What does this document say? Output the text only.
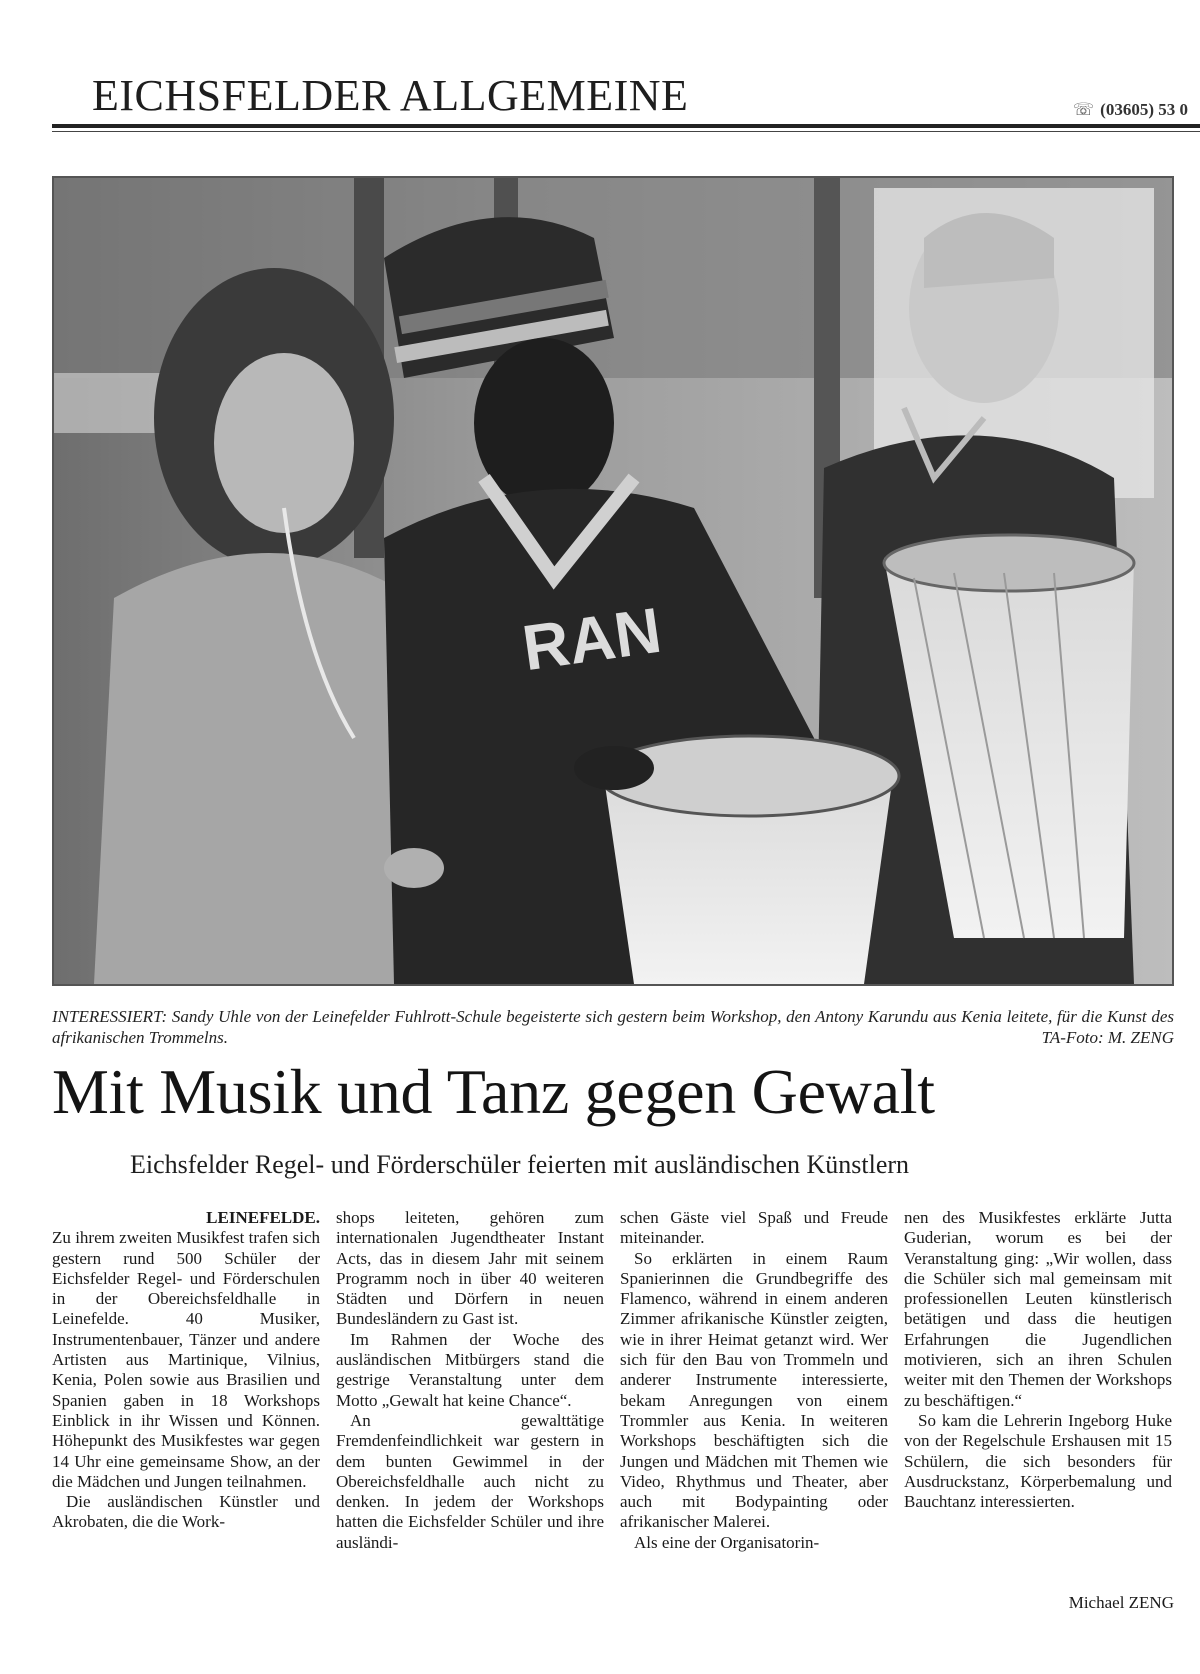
EICHSFELDER ALLGEMEINE	☏ (03605) 53 0
RAN
INTERESSIERT: Sandy Uhle von der Leinefelder Fuhlrott-Schule begeisterte sich gestern beim Workshop, den Antony Karundu aus Kenia leitete, für die Kunst des afrikanischen Trommelns.	TA-Foto: M. ZENG
Mit Musik und Tanz gegen Gewalt
Eichsfelder Regel- und Förderschüler feierten mit ausländischen Künstlern
LEINEFELDE.

Zu ihrem zweiten Musikfest trafen sich gestern rund 500 Schüler der Eichsfelder Regel- und Förderschulen in der Obereichsfeldhalle in Leinefelde. 40 Musiker, Instrumentenbauer, Tänzer und andere Artisten aus Martinique, Vilnius, Kenia, Polen sowie aus Brasilien und Spanien gaben in 18 Workshops Einblick in ihr Wissen und Können. Höhepunkt des Musikfestes war gegen 14 Uhr eine gemeinsame Show, an der die Mädchen und Jungen teilnahmen.

Die ausländischen Künstler und Akrobaten, die die Work-

shops leiteten, gehören zum internationalen Jugendtheater Instant Acts, das in diesem Jahr mit seinem Programm noch in über 40 weiteren Städten und Dörfern in neuen Bundesländern zu Gast ist.

Im Rahmen der Woche des ausländischen Mitbürgers stand die gestrige Veranstaltung unter dem Motto „Gewalt hat keine Chance“.

An gewalttätige Fremdenfeindlichkeit war gestern in dem bunten Gewimmel in der Obereichsfeldhalle auch nicht zu denken. In jedem der Workshops hatten die Eichsfelder Schüler und ihre ausländi-

schen Gäste viel Spaß und Freude miteinander.

So erklärten in einem Raum Spanierinnen die Grundbegriffe des Flamenco, während in einem anderen Zimmer afrikanische Künstler zeigten, wie in ihrer Heimat getanzt wird. Wer sich für den Bau von Trommeln und anderer Instrumente interessierte, bekam Anregungen von einem Trommler aus Kenia. In weiteren Workshops beschäftigten sich die Jungen und Mädchen mit Themen wie Video, Rhythmus und Theater, aber auch mit Bodypainting oder afrikanischer Malerei.

Als eine der Organisatorin-

nen des Musikfestes erklärte Jutta Guderian, worum es bei der Veranstaltung ging: „Wir wollen, dass die Schüler sich mal gemeinsam mit professionellen Leuten künstlerisch betätigen und dass die heutigen Erfahrungen die Jugendlichen motivieren, sich an ihren Schulen weiter mit den Themen der Workshops zu beschäftigen.“

So kam die Lehrerin Ingeborg Huke von der Regelschule Ershausen mit 15 Schülern, die sich besonders für Ausdruckstanz, Körperbemalung und Bauchtanz interessierten.

Michael ZENG
